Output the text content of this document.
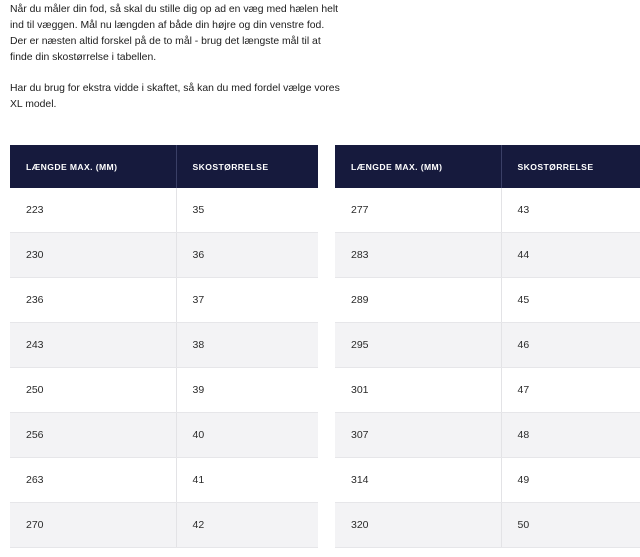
Når du måler din fod, så skal du stille dig op ad en væg med hælen helt ind til væggen. Mål nu længden af både din højre og din venstre fod. Der er næsten altid forskel på de to mål - brug det længste mål til at finde din skostørrelse i tabellen.

Har du brug for ekstra vidde i skaftet, så kan du med fordel vælge vores XL model.

LÆNGDE MAX. (MM)	SKOSTØRRELSE
223	35
230	36
236	37
243	38
250	39
256	40
263	41
270	42
LÆNGDE MAX. (MM)	SKOSTØRRELSE
277	43
283	44
289	45
295	46
301	47
307	48
314	49
320	50
